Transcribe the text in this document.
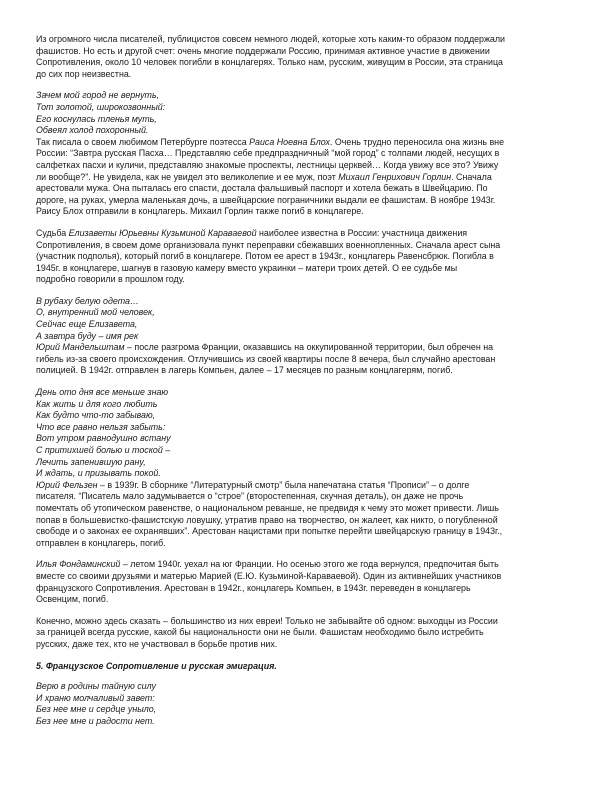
Из огромного числа писателей, публицистов совсем немного людей, которые хоть каким-то образом поддержали
фашистов. Но есть и другой счет: очень многие поддержали Россию, принимая активное участие в движении
Сопротивления, около 10 человек погибли в концлагерях. Только нам, русским, живущим в России, эта страница
до сих пор неизвестна.

Зачем мой город не вернуть,
Тот золотой, широкозвонный:
Его коснулась тленья муть,
Обвеял холод похоронный.

Так писала о своем любимом Петербурге поэтесса Раиса Ноевна Блох. Очень трудно переносила она жизнь вне
России: “Завтра русская Пасха… Представляю себе предпраздничный “мой город” с толпами людей, несущих в
салфетках пасхи и куличи, представляю знакомые проспекты, лестницы церквей… Когда увижу все это? Увижу
ли вообще?”. Не увидела, как не увидел это великолепие и ее муж, поэт Михаил Генрихович Горлин. Сначала
арестовали мужа. Она пыталась его спасти, достала фальшивый паспорт и хотела бежать в Швейцарию. По
дороге, на руках, умерла маленькая дочь, а швейцарские пограничники выдали ее фашистам. В ноябре 1943г.
Раису Блох отправили в концлагерь. Михаил Горлин также погиб в концлагере.

Судьба Елизаветы Юрьевны Кузьминой Караваевой наиболее известна в России: участница движения
Сопротивления, в своем доме организовала пункт переправки сбежавших военнопленных. Сначала арест сына
(участник подполья), который погиб в концлагере. Потом ее арест в 1943г., концлагерь Равенсбрюк. Погибла в
1945г. в концлагере, шагнув в газовую камеру вместо украинки – матери троих детей. О ее судьбе мы
подробно говорили в прошлом году.

В рубаху белую одета…
О, внутренний мой человек,
Сейчас еще Елизавета,
А завтра буду – имя рек

Юрий Мандельштам – после разгрома Франции, оказавшись на оккупированной территории, был обречен на
гибель из-за своего происхождения. Отлучившись из своей квартиры после 8 вечера, был случайно арестован
полицией. В 1942г. отправлен в лагерь Компьен, далее – 17 месяцев по разным концлагерям, погиб.

День ото дня все меньше знаю
Как жить и для кого любить
Как будто что-то забываю,
Что все равно нельзя забыть:
Вот утром равнодушно встану
С притихшей болью и тоской –
Лечить запенившую рану,
И ждать, и призывать покой.

Юрий Фельзен – в 1939г. В сборнике “Литературный смотр” была напечатана статья “Прописи” – о долге
писателя. “Писатель мало задумывается о “строе” (второстепенная, скучная деталь), он даже не прочь
помечтать об утопическом равенстве, о национальном реванше, не предвидя к чему это может привести. Лишь
попав в большевистко-фашистскую ловушку, утратив право на творчество, он жалеет, как никто, о погубленной
свободе и о законах ее охранявших”. Арестован нацистами при попытке перейти швейцарскую границу в 1943г.,
отправлен в концлагерь, погиб.

Илья Фондаминский – летом 1940г. уехал на юг Франции. Но осенью этого же года вернулся, предпочитая быть
вместе со своими друзьями и матерью Марией (Е.Ю. Кузьминой-Караваевой). Один из активнейших участников
французского Сопротивления. Арестован в 1942г., концлагерь Компьен, в 1943г. переведен в концлагерь
Освенцим, погиб.

Конечно, можно здесь сказать – большинство из них евреи! Только не забывайте об одном: выходцы из России
за границей всегда русские, какой бы национальности они не были. Фашистам необходимо было истребить
русских, даже тех, кто не участвовал в борьбе против них.

5. Французское Сопротивление и русская эмиграция.

Верю в родины тайную силу
И храню молчаливый завет:
Без нее мне и сердце уныло,
Без нее мне и радости нет.
